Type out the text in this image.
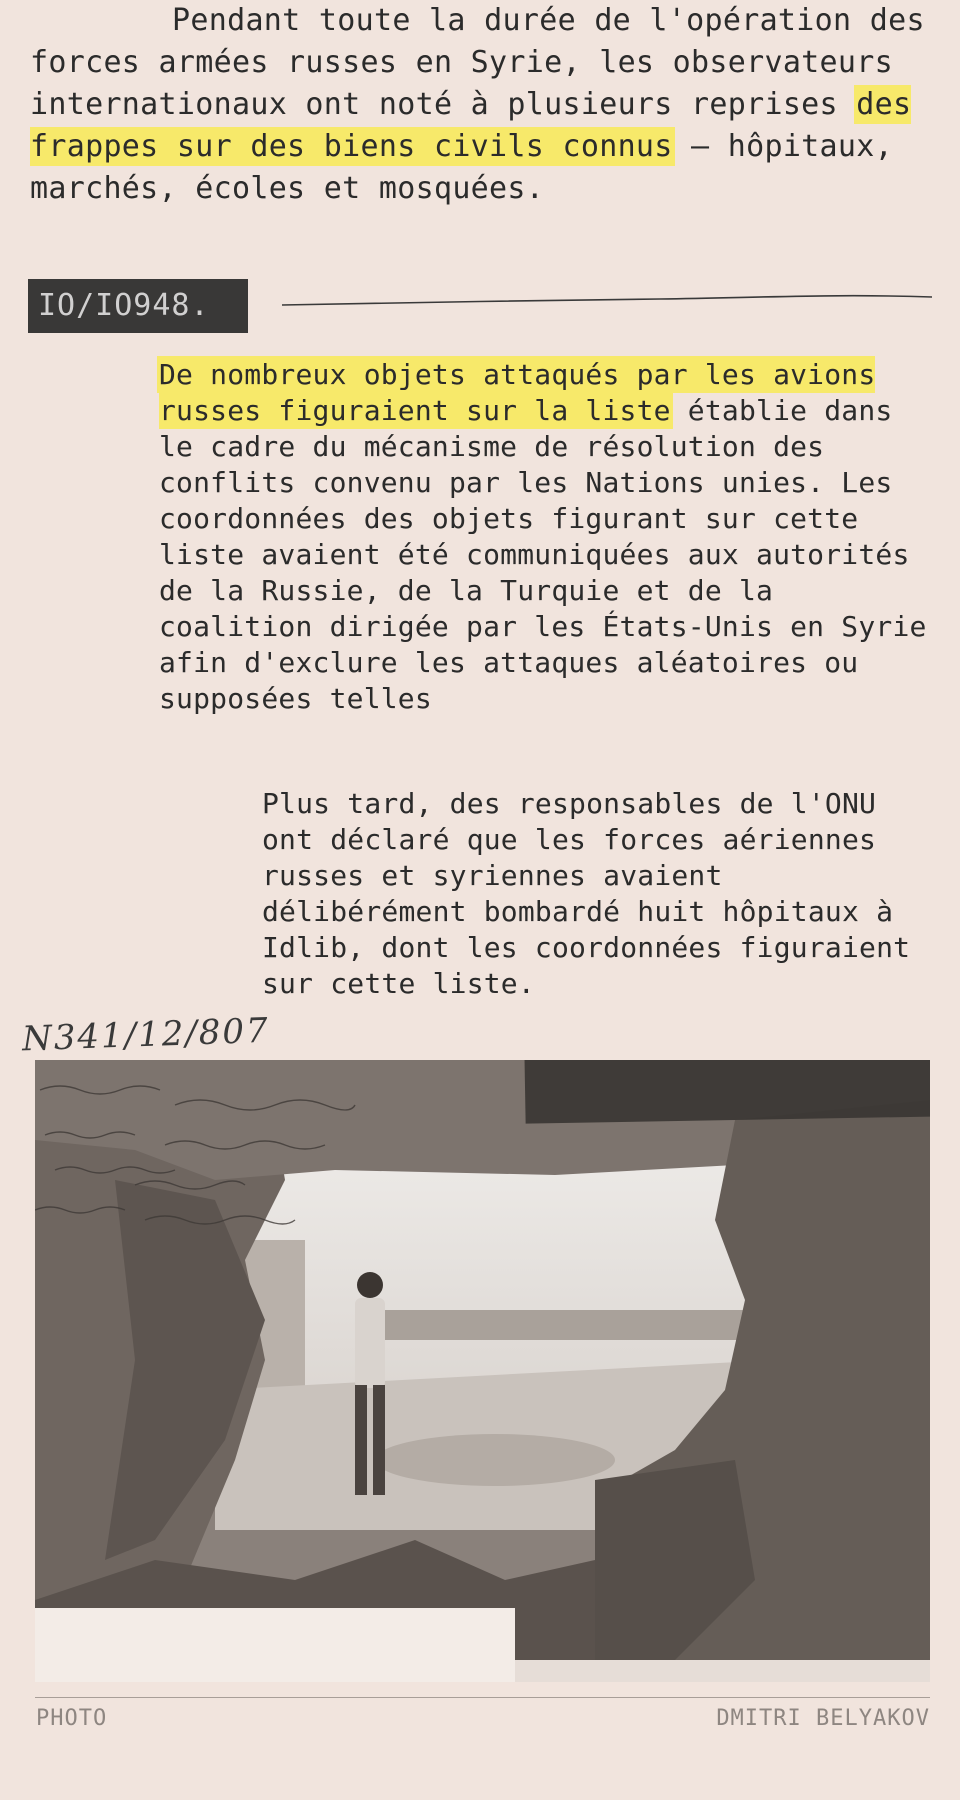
Pendant toute la durée de l'opération des forces armées russes en Syrie, les observateurs internationaux ont noté à plusieurs reprises des frappes sur des biens civils connus – hôpitaux, marchés, écoles et mosquées.
IO/IO948.
De nombreux objets attaqués par les avions russes figuraient sur la liste établie dans le cadre du mécanisme de résolution des conflits convenu par les Nations unies. Les coordonnées des objets figurant sur cette liste avaient été communiquées aux autorités de la Russie, de la Turquie et de la coalition dirigée par les États-Unis en Syrie afin d'exclure les attaques aléatoires ou supposées telles
Plus tard, des responsables de l'ONU ont déclaré que les forces aériennes russes et syriennes avaient délibérément bombardé huit hôpitaux à Idlib, dont les coordonnées figuraient sur cette liste.
N341/12/807
PHOTO	DMITRI BELYAKOV
